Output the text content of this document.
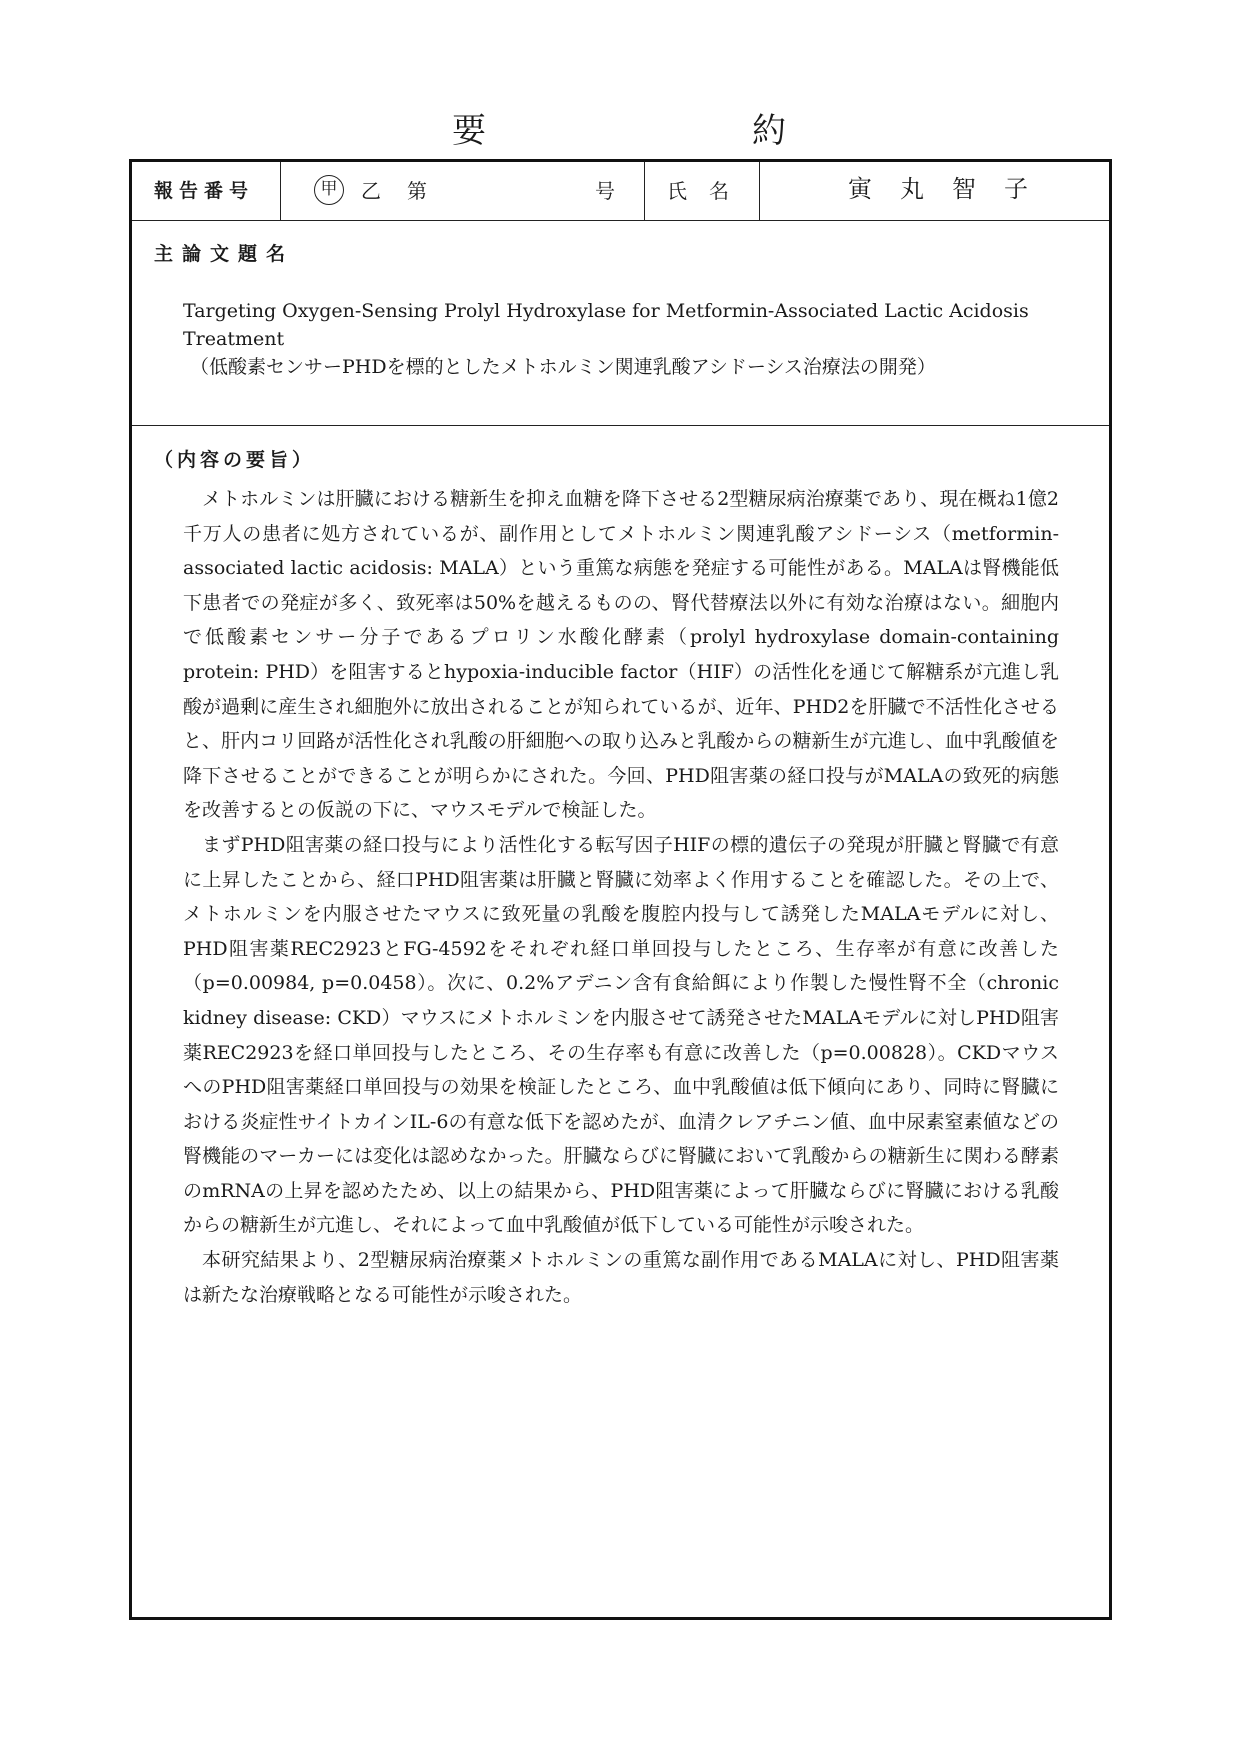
要	約
報告番号	甲	乙 第	号	氏名	寅丸智子
主論文題名
Targeting Oxygen-Sensing Prolyl Hydroxylase for Metformin-Associated Lactic Acidosis Treatment
（低酸素センサーPHDを標的としたメトホルミン関連乳酸アシドーシス治療法の開発）
（内容の要旨）

メトホルミンは肝臓における糖新生を抑え血糖を降下させる2型糖尿病治療薬であり、現在概ね1億2千万人の患者に処方されているが、副作用としてメトホルミン関連乳酸アシドーシス（metformin-associated lactic acidosis: MALA）という重篤な病態を発症する可能性がある。MALAは腎機能低下患者での発症が多く、致死率は50%を越えるものの、腎代替療法以外に有効な治療はない。細胞内で低酸素センサー分子であるプロリン水酸化酵素（prolyl hydroxylase domain-containing protein: PHD）を阻害するとhypoxia-inducible factor（HIF）の活性化を通じて解糖系が亢進し乳酸が過剰に産生され細胞外に放出されることが知られているが、近年、PHD2を肝臓で不活性化させると、肝内コリ回路が活性化され乳酸の肝細胞への取り込みと乳酸からの糖新生が亢進し、血中乳酸値を降下させることができることが明らかにされた。今回、PHD阻害薬の経口投与がMALAの致死的病態を改善するとの仮説の下に、マウスモデルで検証した。

まずPHD阻害薬の経口投与により活性化する転写因子HIFの標的遺伝子の発現が肝臓と腎臓で有意に上昇したことから、経口PHD阻害薬は肝臓と腎臓に効率よく作用することを確認した。その上で、メトホルミンを内服させたマウスに致死量の乳酸を腹腔内投与して誘発したMALAモデルに対し、PHD阻害薬REC2923とFG-4592をそれぞれ経口単回投与したところ、生存率が有意に改善した（p=0.00984, p=0.0458）。次に、0.2%アデニン含有食給餌により作製した慢性腎不全（chronic kidney disease: CKD）マウスにメトホルミンを内服させて誘発させたMALAモデルに対しPHD阻害薬REC2923を経口単回投与したところ、その生存率も有意に改善した（p=0.00828）。CKDマウスへのPHD阻害薬経口単回投与の効果を検証したところ、血中乳酸値は低下傾向にあり、同時に腎臓における炎症性サイトカインIL-6の有意な低下を認めたが、血清クレアチニン値、血中尿素窒素値などの腎機能のマーカーには変化は認めなかった。肝臓ならびに腎臓において乳酸からの糖新生に関わる酵素のmRNAの上昇を認めたため、以上の結果から、PHD阻害薬によって肝臓ならびに腎臓における乳酸からの糖新生が亢進し、それによって血中乳酸値が低下している可能性が示唆された。

本研究結果より、2型糖尿病治療薬メトホルミンの重篤な副作用であるMALAに対し、PHD阻害薬は新たな治療戦略となる可能性が示唆された。
